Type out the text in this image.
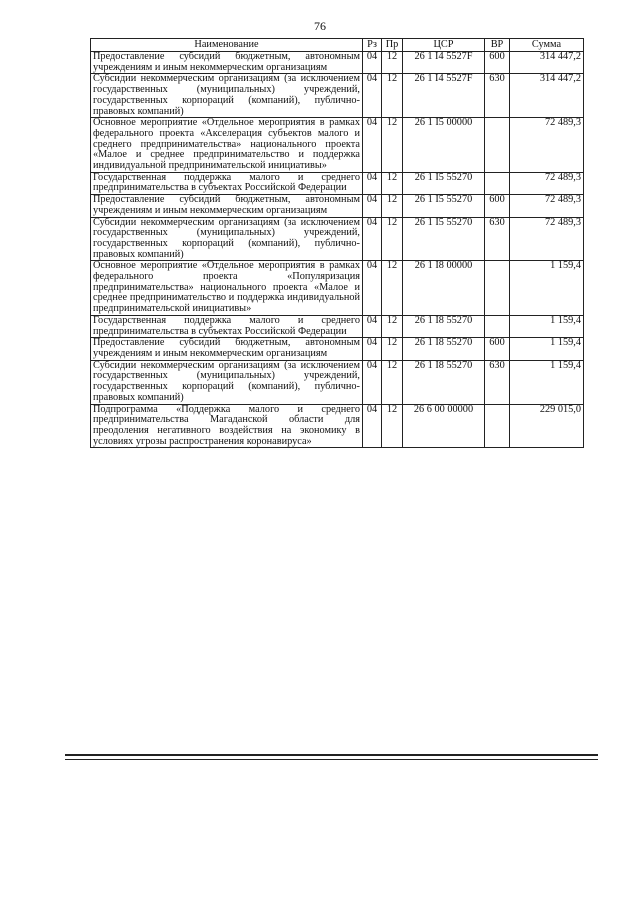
76
Наименование	Рз	Пр	ЦСР	ВР	Сумма
Предоставление субсидий бюджетным, автономным учреждениям и иным некоммерческим организациям	04	12	26 1 I4 5527F	600	314 447,2
Субсидии некоммерческим организациям (за исключением государственных (муниципальных) учреждений, государственных корпораций (компаний), публично-правовых компаний)	04	12	26 1 I4 5527F	630	314 447,2
Основное мероприятие «Отдельное мероприятия в рамках федерального проекта «Акселерация субъектов малого и среднего предпринимательства» национального проекта «Малое и среднее предпринимательство и поддержка индивидуальной предпринимательской инициативы»	04	12	26 1 I5 00000		72 489,3
Государственная поддержка малого и среднего предпринимательства в субъектах Российской Федерации	04	12	26 1 I5 55270		72 489,3
Предоставление субсидий бюджетным, автономным учреждениям и иным некоммерческим организациям	04	12	26 1 I5 55270	600	72 489,3
Субсидии некоммерческим организациям (за исключением государственных (муниципальных) учреждений, государственных корпораций (компаний), публично-правовых компаний)	04	12	26 1 I5 55270	630	72 489,3
Основное мероприятие «Отдельное мероприятия в рамках федерального проекта «Популяризация предпринимательства» национального проекта «Малое и среднее предпринимательство и поддержка индивидуальной предпринимательской инициативы»	04	12	26 1 I8 00000		1 159,4
Государственная поддержка малого и среднего предпринимательства в субъектах Российской Федерации	04	12	26 1 I8 55270		1 159,4
Предоставление субсидий бюджетным, автономным учреждениям и иным некоммерческим организациям	04	12	26 1 I8 55270	600	1 159,4
Субсидии некоммерческим организациям (за исключением государственных (муниципальных) учреждений, государственных корпораций (компаний), публично-правовых компаний)	04	12	26 1 I8 55270	630	1 159,4
Подпрограмма «Поддержка малого и среднего предпринимательства Магаданской области для преодоления негативного воздействия на экономику в условиях угрозы распространения коронавируса»	04	12	26 6 00 00000		229 015,0
